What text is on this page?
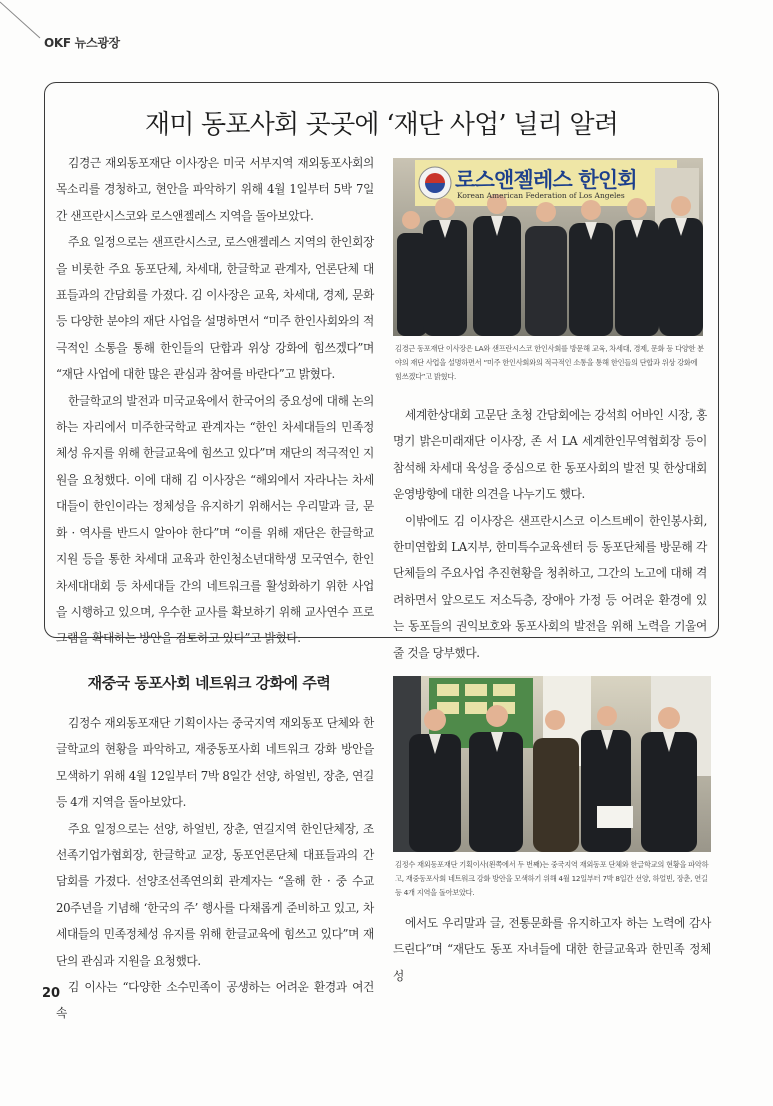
OKF 뉴스광장
재미 동포사회 곳곳에 ‘재단 사업’ 널리 알려

김경근 재외동포재단 이사장은 미국 서부지역 재외동포사회의 목소리를 경청하고, 현안을 파악하기 위해 4월 1일부터 5박 7일간 샌프란시스코와 로스앤젤레스 지역을 돌아보았다.

주요 일정으로는 샌프란시스코, 로스앤젤레스 지역의 한인회장을 비롯한 주요 동포단체, 차세대, 한글학교 관계자, 언론단체 대표들과의 간담회를 가졌다. 김 이사장은 교육, 차세대, 경제, 문화 등 다양한 분야의 재단 사업을 설명하면서 “미주 한인사회와의 적극적인 소통을 통해 한인들의 단합과 위상 강화에 힘쓰겠다”며 “재단 사업에 대한 많은 관심과 참여를 바란다”고 밝혔다.

한글학교의 발전과 미국교육에서 한국어의 중요성에 대해 논의하는 자리에서 미주한국학교 관계자는 “한인 차세대들의 민족정체성 유지를 위해 한글교육에 힘쓰고 있다”며 재단의 적극적인 지원을 요청했다. 이에 대해 김 이사장은 “해외에서 자라나는 차세대들이 한인이라는 정체성을 유지하기 위해서는 우리말과 글, 문화 · 역사를 반드시 알아야 한다”며 “이를 위해 재단은 한글학교 지원 등을 통한 차세대 교육과 한인청소년대학생 모국연수, 한인차세대대회 등 차세대들 간의 네트워크를 활성화하기 위한 사업을 시행하고 있으며, 우수한 교사를 확보하기 위해 교사연수 프로그램을 확대하는 방안을 검토하고 있다”고 밝혔다.

로스앤젤레스 한인회
Korean American Federation of Los Angeles
김경근 동포재단 이사장은 LA와 샌프란시스코 한인사회를 방문해 교육, 차세대, 경제, 문화 등 다양한 분야의 재단 사업을 설명하면서 “미주 한인사회와의 적극적인 소통을 통해 한인들의 단합과 위상 강화에 힘쓰겠다”고 밝혔다.

세계한상대회 고문단 초청 간담회에는 강석희 어바인 시장, 홍명기 밝은미래재단 이사장, 존 서 LA 세계한인무역협회장 등이 참석해 차세대 육성을 중심으로 한 동포사회의 발전 및 한상대회 운영방향에 대한 의견을 나누기도 했다.

이밖에도 김 이사장은 샌프란시스코 이스트베이 한인봉사회, 한미연합회 LA지부, 한미특수교육센터 등 동포단체를 방문해 각 단체들의 주요사업 추진현황을 청취하고, 그간의 노고에 대해 격려하면서 앞으로도 저소득층, 장애아 가정 등 어려운 환경에 있는 동포들의 권익보호와 동포사회의 발전을 위해 노력을 기울여 줄 것을 당부했다.

재중국 동포사회 네트워크 강화에 주력

김정수 재외동포재단 기획이사는 중국지역 재외동포 단체와 한글학교의 현황을 파악하고, 재중동포사회 네트워크 강화 방안을 모색하기 위해 4월 12일부터 7박 8일간 선양, 하얼빈, 장춘, 연길 등 4개 지역을 돌아보았다.

주요 일정으로는 선양, 하얼빈, 장춘, 연길지역 한인단체장, 조선족기업가협회장, 한글학교 교장, 동포언론단체 대표들과의 간담회를 가졌다. 선양조선족연의회 관계자는 “올해 한 · 중 수교 20주년을 기념해 ‘한국의 주’ 행사를 다채롭게 준비하고 있고, 차세대들의 민족정체성 유지를 위해 한글교육에 힘쓰고 있다”며 재단의 관심과 지원을 요청했다.

김 이사는 “다양한 소수민족이 공생하는 어려운 환경과 여건 속

김정수 재외동포재단 기획이사(왼쪽에서 두 번째)는 중국지역 재외동포 단체와 한글학교의 현황을 파악하고, 재중동포사회 네트워크 강화 방안을 모색하기 위해 4월 12일부터 7박 8일간 선양, 하얼빈, 장춘, 연길 등 4개 지역을 돌아보았다.

에서도 우리말과 글, 전통문화를 유지하고자 하는 노력에 감사드린다”며 “재단도 동포 자녀들에 대한 한글교육과 한민족 정체성

20
